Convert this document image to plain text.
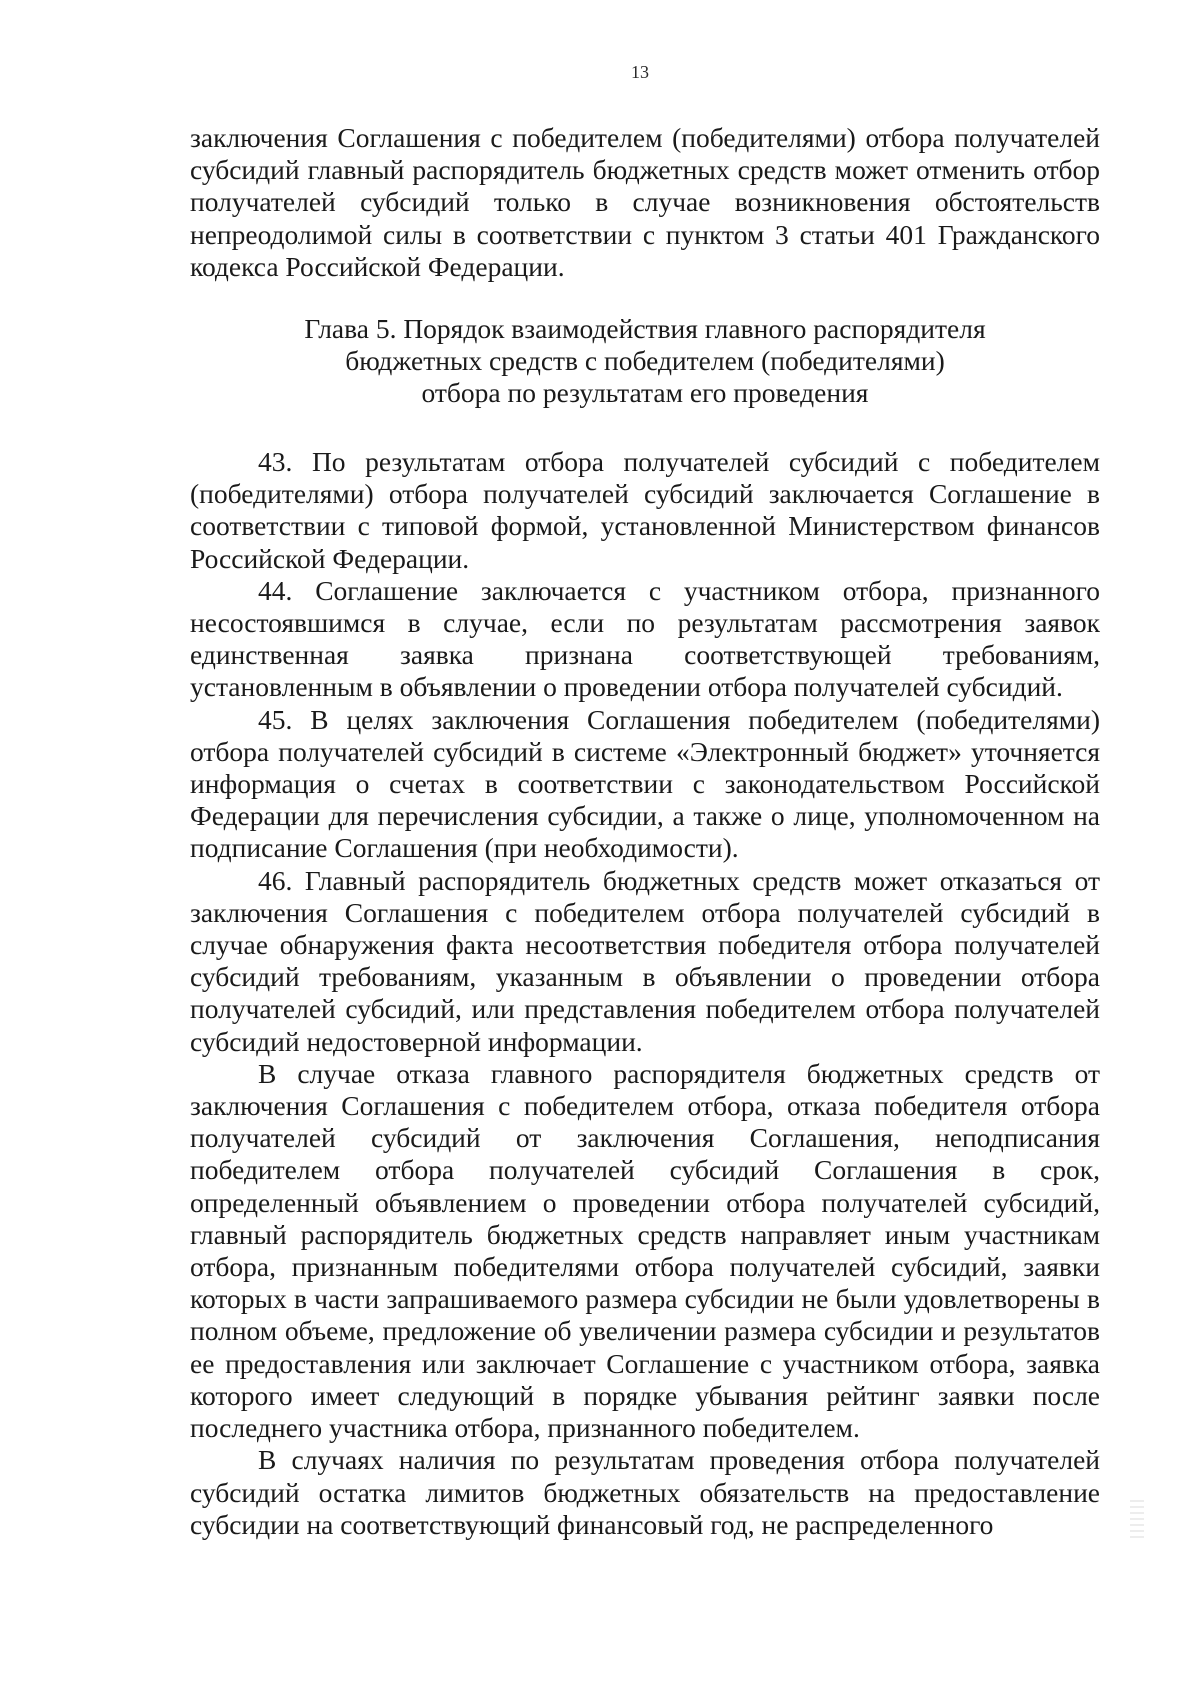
13

заключения Соглашения с победителем (победителями) отбора получателей субсидий главный распорядитель бюджетных средств может отменить отбор получателей субсидий только в случае возникновения обстоятельств непреодолимой силы в соответствии с пунктом 3 статьи 401 Гражданского кодекса Российской Федерации.

Глава 5. Порядок взаимодействия главного распорядителя
бюджетных средств с победителем (победителями)
отбора по результатам его проведения

43. По результатам отбора получателей субсидий с победителем (победителями) отбора получателей субсидий заключается Соглашение в соответствии с типовой формой, установленной Министерством финансов Российской Федерации.

44. Соглашение заключается с участником отбора, признанного несостоявшимся в случае, если по результатам рассмотрения заявок единственная заявка признана соответствующей требованиям, установленным в объявлении о проведении отбора получателей субсидий.

45. В целях заключения Соглашения победителем (победителями) отбора получателей субсидий в системе «Электронный бюджет» уточняется информация о счетах в соответствии с законодательством Российской Федерации для перечисления субсидии, а также о лице, уполномоченном на подписание Соглашения (при необходимости).

46. Главный распорядитель бюджетных средств может отказаться от заключения Соглашения с победителем отбора получателей субсидий в случае обнаружения факта несоответствия победителя отбора получателей субсидий требованиям, указанным в объявлении о проведении отбора получателей субсидий, или представления победителем отбора получателей субсидий недостоверной информации.

В случае отказа главного распорядителя бюджетных средств от заключения Соглашения с победителем отбора, отказа победителя отбора получателей субсидий от заключения Соглашения, неподписания победителем отбора получателей субсидий Соглашения в срок, определенный объявлением о проведении отбора получателей субсидий, главный распорядитель бюджетных средств направляет иным участникам отбора, признанным победителями отбора получателей субсидий, заявки которых в части запрашиваемого размера субсидии не были удовлетворены в полном объеме, предложение об увеличении размера субсидии и результатов ее предоставления или заключает Соглашение с участником отбора, заявка которого имеет следующий в порядке убывания рейтинг заявки после последнего участника отбора, признанного победителем.

В случаях наличия по результатам проведения отбора получателей субсидий остатка лимитов бюджетных обязательств на предоставление субсидии на соответствующий финансовый год, не распределенного
